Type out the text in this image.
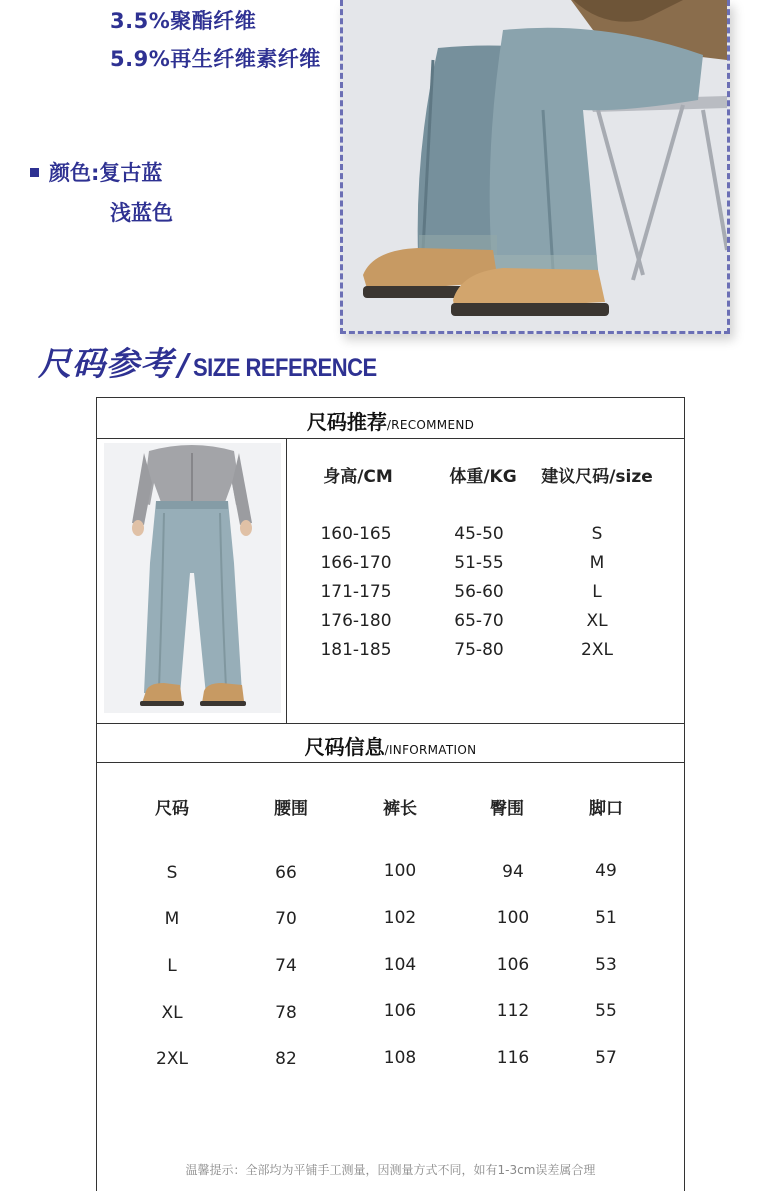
3.5%聚酯纤维
5.9%再生纤维素纤维
颜色:复古蓝
浅蓝色
尺码参考 / SIZE REFERENCE
尺码推荐/RECOMMEND
身高/CM	体重/KG 建议尺码/size
160-165	45-50	S
166-170	51-55	M
171-175	56-60	L
176-180	65-70	XL
181-185	75-80	2XL
尺码信息/INFORMATION
尺码	腰围	裤长	臀围	脚口
S	66	100	94	49
M	70	102	100	51
L	74	104	106	53
XL	78	106	112	55
2XL	82	108	116	57
温馨提示：全部均为平铺手工测量，因测量方式不同，如有1-3cm误差属合理
